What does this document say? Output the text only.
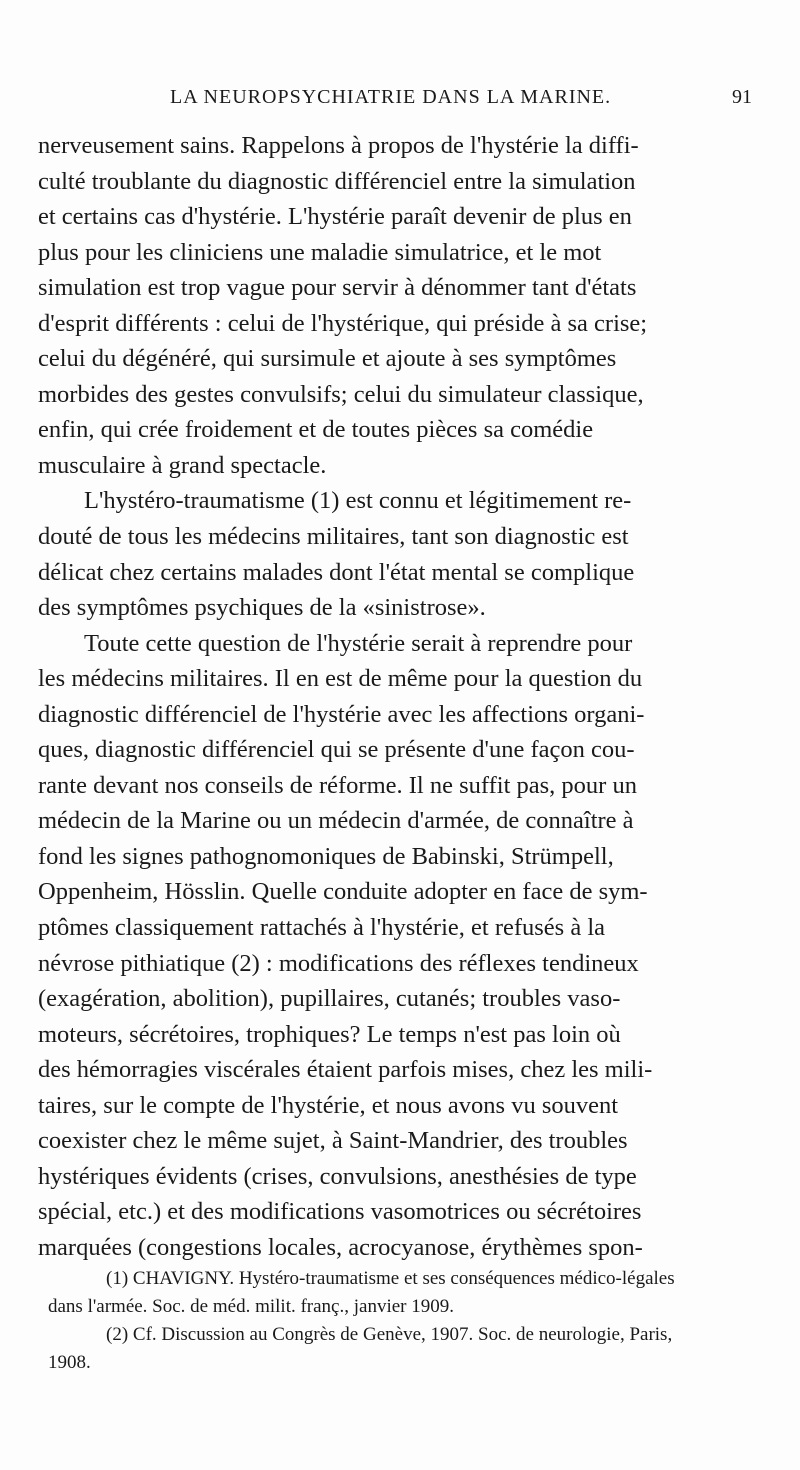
LA NEUROPSYCHIATRIE DANS LA MARINE.	91
nerveusement sains. Rappelons à propos de l'hystérie la diffi-
culté troublante du diagnostic différenciel entre la simulation
et certains cas d'hystérie. L'hystérie paraît devenir de plus en
plus pour les cliniciens une maladie simulatrice, et le mot
simulation est trop vague pour servir à dénommer tant d'états
d'esprit différents : celui de l'hystérique, qui préside à sa crise;
celui du dégénéré, qui sursimule et ajoute à ses symptômes
morbides des gestes convulsifs; celui du simulateur classique,
enfin, qui crée froidement et de toutes pièces sa comédie
musculaire à grand spectacle.
L'hystéro-traumatisme (1) est connu et légitimement re-
douté de tous les médecins militaires, tant son diagnostic est
délicat chez certains malades dont l'état mental se complique
des symptômes psychiques de la «sinistrose».
Toute cette question de l'hystérie serait à reprendre pour
les médecins militaires. Il en est de même pour la question du
diagnostic différenciel de l'hystérie avec les affections organi-
ques, diagnostic différenciel qui se présente d'une façon cou-
rante devant nos conseils de réforme. Il ne suffit pas, pour un
médecin de la Marine ou un médecin d'armée, de connaître à
fond les signes pathognomoniques de Babinski, Strümpell,
Oppenheim, Hösslin. Quelle conduite adopter en face de sym-
ptômes classiquement rattachés à l'hystérie, et refusés à la
névrose pithiatique (2) : modifications des réflexes tendineux
(exagération, abolition), pupillaires, cutanés; troubles vaso-
moteurs, sécrétoires, trophiques? Le temps n'est pas loin où
des hémorragies viscérales étaient parfois mises, chez les mili-
taires, sur le compte de l'hystérie, et nous avons vu souvent
coexister chez le même sujet, à Saint-Mandrier, des troubles
hystériques évidents (crises, convulsions, anesthésies de type
spécial, etc.) et des modifications vasomotrices ou sécrétoires
marquées (congestions locales, acrocyanose, érythèmes spon-
(1) CHAVIGNY. Hystéro-traumatisme et ses conséquences médico-légales
dans l'armée. Soc. de méd. milit. franç., janvier 1909.
(2) Cf. Discussion au Congrès de Genève, 1907. Soc. de neurologie, Paris,
1908.
